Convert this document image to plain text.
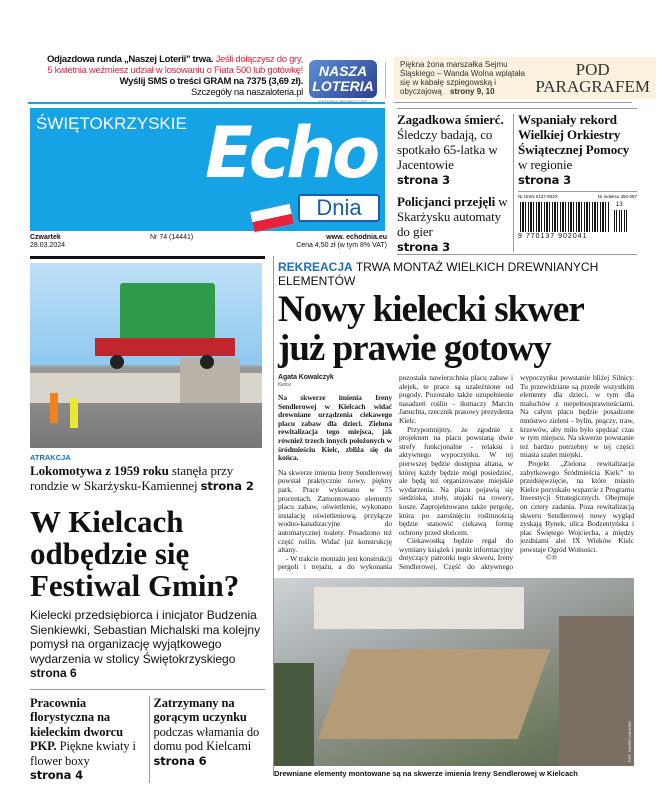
Odjazdowa runda „Naszej Loterii" trwa. Jeśli dołączysz do gry,
5 kwietnia weźmiesz udział w losowaniu o Fiata 500 lub gotówkę!
Wyślij SMS o treści GRAM na 7375 (3,69 zł).
Szczegóły na naszaloteria.pl
NASZA LOTERIA
Piękna żona marszałka Sejmu Śląskiego – Wanda Wolna wplątała się w kabałę szpiegowską i obyczajową strony 9, 10
POD
PARAGRAFEM
ŚWIĘTOKRZYSKIE Echo
Dnia
Czwartek
28.03.2024
Nr 74 (14441)	www. echodnia.eu
Cena 4,50 zł (w tym 8% VAT)
Zagadkowa śmierć. Śledczy badają, co spotkało 65-latka w Jacentowie
strona 3
Policjanci przejęli w Skarżysku automaty do gier
strona 3
Wspaniały rekord Wielkiej Orkiestry Świątecznej Pomocy w regionie
strona 3
Nr ISSN 0137-902X	Nr indeksu 350-087
9 770137 902041
13
ATRAKCJA
Lokomotywa z 1959 roku stanęła przy rondzie w Skarżysku-Kamiennej strona 2
W Kielcach odbędzie się Festiwal Gmin?
Kielecki przedsiębiorca i inicjator Budzenia Sienkiewki, Sebastian Michalski ma kolejny pomysł na organizację wyjątkowego wydarzenia w stolicy Świętokrzyskiego strona 6
Pracownia florystyczna na kieleckim dworcu PKP. Piękne kwiaty i flower boxy
strona 4
Zatrzymany na gorącym uczynku podczas włamania do domu pod Kielcami
strona 6
REKREACJA TRWA MONTAŻ WIELKICH DREWNIANYCH ELEMENTÓW
Nowy kielecki skwer już prawie gotowy
Agata Kowalczyk
Kielce
Na skwerze imienia Ireny Sendlerowej w Kielcach widać drewniane urządzenia ciekawego placu zabaw dla dzieci. Zielona rewitalizacja tego miejsca, jak również trzech innych położonych w śródmieściu Kielc, zbliża się do końca.

Na skwerze imienia Ireny Sendlerowej powstał praktycznie nowy, piękny park. Prace wykonano w 75 procentach. Zamontowano elementy placu zabaw, oświetlenie, wykonano instalację oświetleniową, przyłącze wodno-kanalizacyjne do automatycznej toalety. Posadzono też część roślin. Widać już konstrukcję altany.

- W trakcie montażu jest konstrukcji pergoli i trejażu, a do wykonania pozostała nawierzchnia placu zabaw i alejek, te prace są uzależnione od pogody. Pozostało także uzupełnienie nasadzeń roślin - tłumaczy Marcin Januchta, rzecznik prasowy prezydenta Kielc.

Przypomnijmy, że zgodnie z projektem na placu powstaną dwie strefy funkcjonalne - relaksu i aktywnego wypoczynku. W tej pierwszej będzie dostępna altana, w której każdy będzie mógł posiedzieć, ale będą też organizowane miejskie wydarzenia. Na placu pojawią się siedziska, stoły, stojaki na rowery, kosze. Zaprojektowano także pergolę, która po zarośnięciu roślinnością będzie stanowić ciekawą formę ochrony przed słońcem.

Ciekawostką będzie regał do wymiany książek i punkt informacyjny dotyczący patronki tego skweru, Ireny Sendlerowej. Część do aktywnego wypoczynku powstanie bliżej Silnicy. Tu przewidziane są przede wszystkim elementy dla dzieci, w tym dla maluchów z niepełnosprawnościami. Na całym placu będzie posadzone mnóstwo zieleni - bylin, pnączy, traw, krzewów, aby miło było spędzać czas w tym miejscu. Na skwerze powstanie też bardzo potrzebny w tej części miasta szalet miejski.

Projekt „Zielona rewitalizacja zabytkowego Śródmieścia Kielc" to przedsięwzięcie, na które miasto Kielce pozyskało wsparcie z Programu Inwestycji Strategicznych. Obejmuje on cztery zadania. Poza rewitalizacją skweru Sendlerowej nowy wygląd zyskają Rynek, ulica Bodzentyńska i plac Świętego Wojciecha, a między jezdniami alei IX Wieków Kielc powstaje Ogród Wolności.

©℗

FOT. DAWID ŁUKASIK
Drewniane elementy montowane są na skwerze imienia Ireny Sendlerowej w Kielcach
